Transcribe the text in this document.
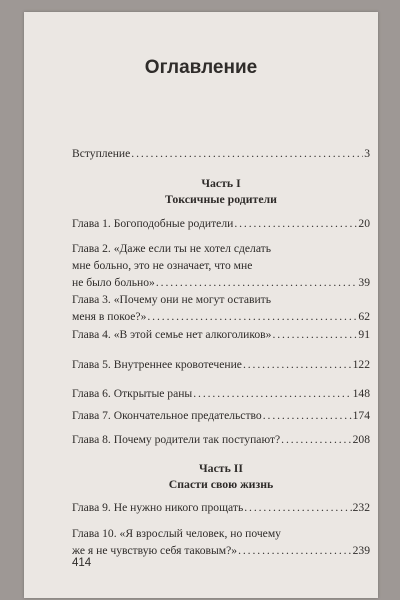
Оглавление
Вступление . . .	3
Часть I
Токсичные родители
Глава 1. Богоподобные родители . . .	20
Глава 2. «Даже если ты не хотел сделать
мне больно, это не означает, что мне
не было больно» . . .	39
Глава 3. «Почему они не могут оставить
меня в покое?» . . .	62
Глава 4. «В этой семье нет алкоголиков» . . .	91
Глава 5. Внутреннее кровотечение . . .	122
Глава 6. Открытые раны . . .	148
Глава 7. Окончательное предательство . . .	174
Глава 8. Почему родители так поступают? . . .	208
Часть II
Спасти свою жизнь
Глава 9. Не нужно никого прощать . . .	232
Глава 10. «Я взрослый человек, но почему
же я не чувствую себя таковым?» . . .	239
414
